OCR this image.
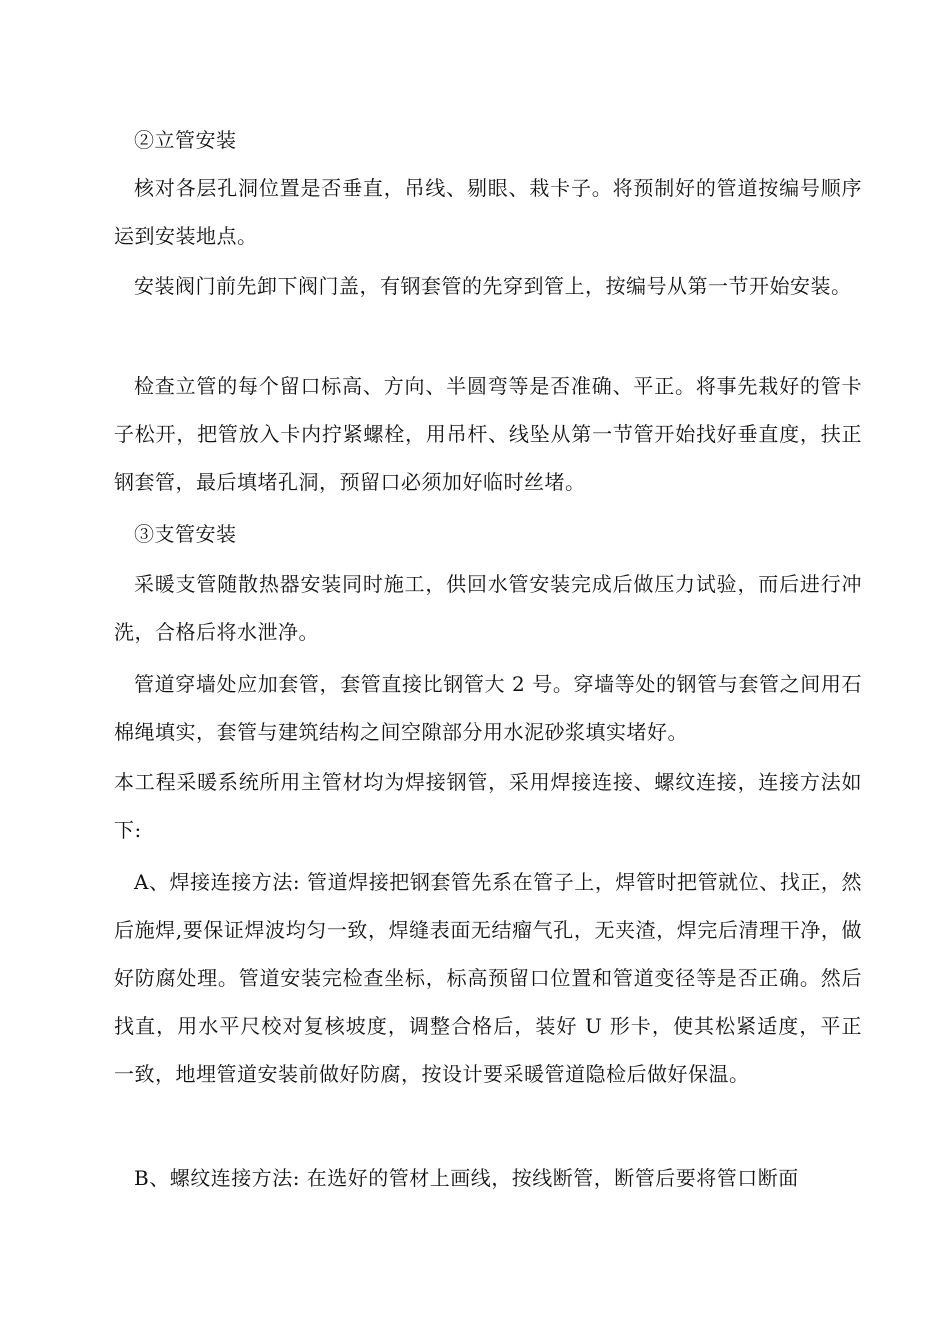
②立管安装

核对各层孔洞位置是否垂直，吊线、剔眼、栽卡子。将预制好的管道按编号顺序运到安装地点。

安装阀门前先卸下阀门盖，有钢套管的先穿到管上，按编号从第一节开始安装。

检查立管的每个留口标高、方向、半圆弯等是否准确、平正。将事先栽好的管卡子松开，把管放入卡内拧紧螺栓，用吊杆、线坠从第一节管开始找好垂直度，扶正钢套管，最后填堵孔洞，预留口必须加好临时丝堵。

③支管安装

采暖支管随散热器安装同时施工，供回水管安装完成后做压力试验，而后进行冲洗，合格后将水泄净。

管道穿墙处应加套管，套管直接比钢管大 2 号。穿墙等处的钢管与套管之间用石棉绳填实，套管与建筑结构之间空隙部分用水泥砂浆填实堵好。

本工程采暖系统所用主管材均为焊接钢管，采用焊接连接、螺纹连接，连接方法如下:

A、焊接连接方法: 管道焊接把钢套管先系在管子上，焊管时把管就位、找正，然后施焊,要保证焊波均匀一致，焊缝表面无结瘤气孔，无夹渣，焊完后清理干净，做好防腐处理。管道安装完检查坐标，标高预留口位置和管道变径等是否正确。然后找直，用水平尺校对复核坡度，调整合格后，装好 U 形卡，使其松紧适度，平正一致，地埋管道安装前做好防腐，按设计要采暖管道隐检后做好保温。

B、螺纹连接方法: 在选好的管材上画线，按线断管，断管后要将管口断面
